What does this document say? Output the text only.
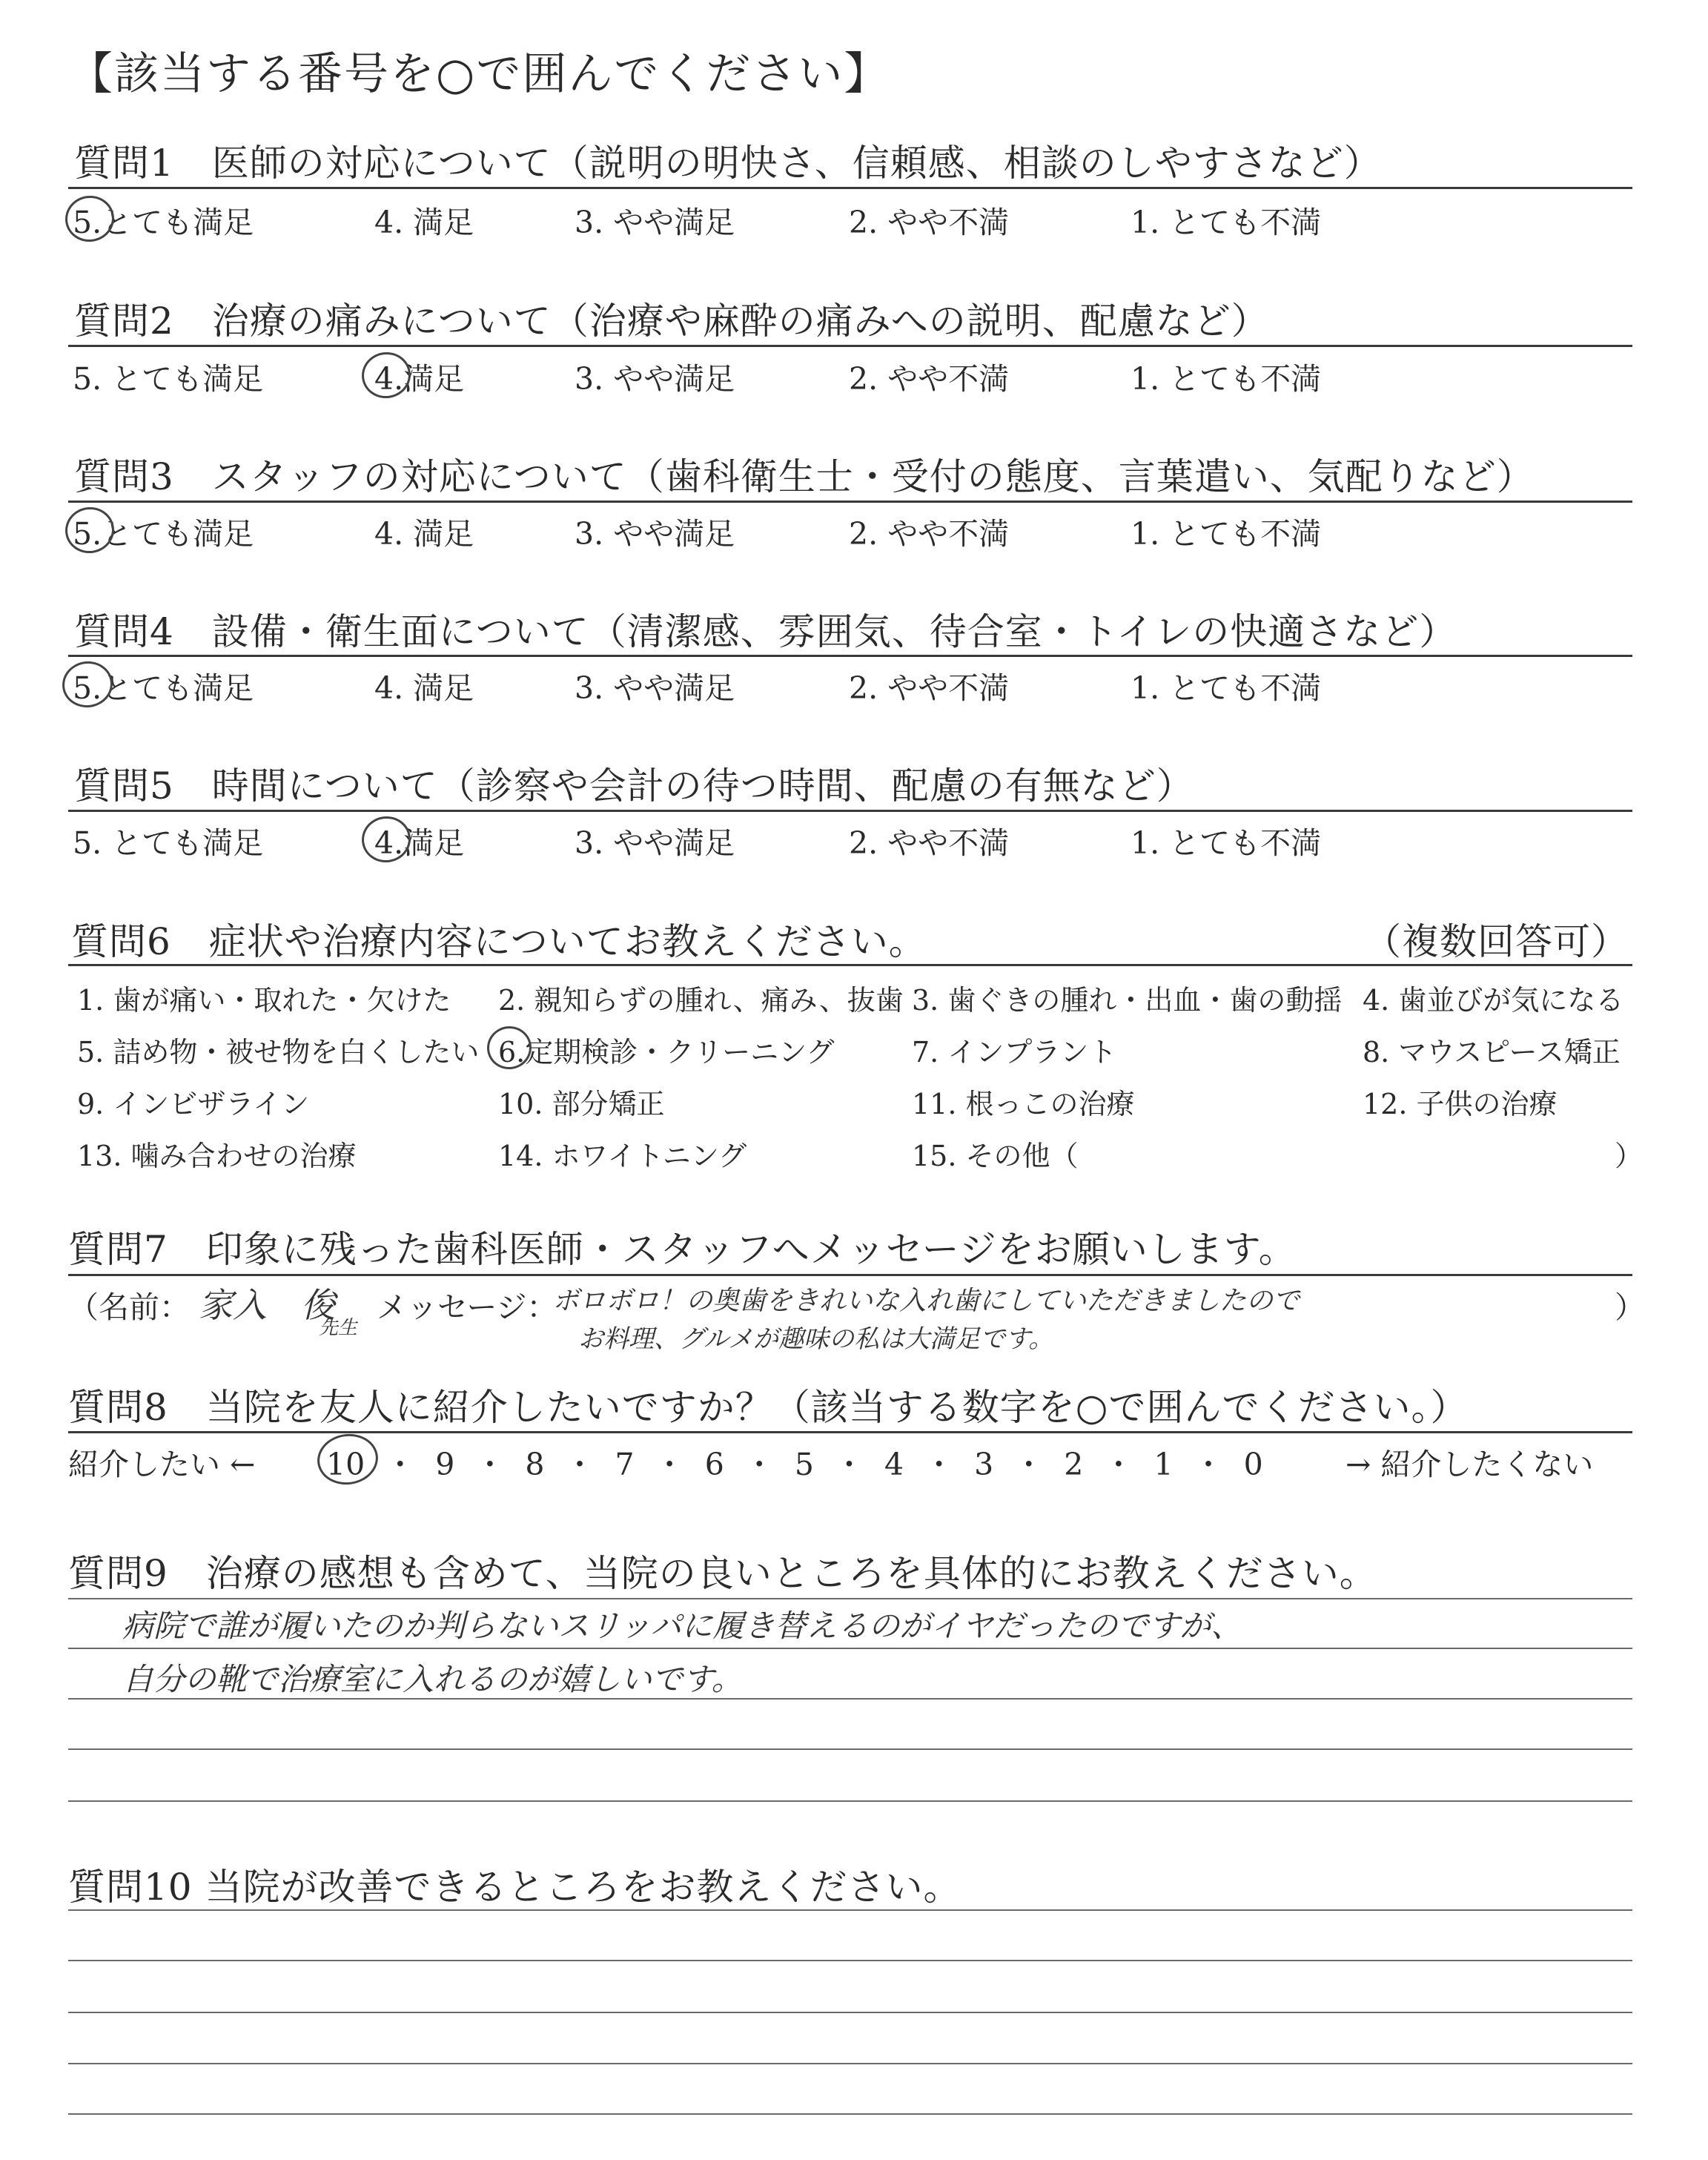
【該当する番号を○で囲んでください】
質問1　医師の対応について（説明の明快さ、信頼感、相談のしやすさなど）
5.とても満足	4. 満足	3. やや満足	2. やや不満	1. とても不満
質問2　治療の痛みについて（治療や麻酔の痛みへの説明、配慮など）
5. とても満足	4.満足	3. やや満足	2. やや不満	1. とても不満
質問3　スタッフの対応について（歯科衛生士・受付の態度、言葉遣い、気配りなど）
5.とても満足	4. 満足	3. やや満足	2. やや不満	1. とても不満
質問4　設備・衛生面について（清潔感、雰囲気、待合室・トイレの快適さなど）
5.とても満足	4. 満足	3. やや満足	2. やや不満	1. とても不満
質問5　時間について（診察や会計の待つ時間、配慮の有無など）
5. とても満足	4.満足	3. やや満足	2. やや不満	1. とても不満
質問6　症状や治療内容についてお教えください。	（複数回答可）
1. 歯が痛い・取れた・欠けた 2. 親知らずの腫れ、痛み、抜歯 3. 歯ぐきの腫れ・出血・歯の動揺 4. 歯並びが気になる
5. 詰め物・被せ物を白くしたい 6.定期検診・クリーニング	7. インプラント	8. マウスピース矯正
9. インビザライン	10. 部分矯正	11. 根っこの治療	12. 子供の治療
13. 噛み合わせの治療	14. ホワイトニング	15. その他（	）
質問7　印象に残った歯科医師・スタッフへメッセージをお願いします。
（名前： 家入　俊
先生
メッセージ：
ボロボロ！の奥歯をきれいな入れ歯にしていただきましたので
お料理、グルメが趣味の私は大満足です。
）
質問8　当院を友人に紹介したいですか？（該当する数字を○で囲んでください。）
紹介したい ← 10 ・ 9 ・ 8 ・ 7 ・ 6 ・ 5 ・ 4 ・ 3 ・ 2 ・ 1 ・ 0	→ 紹介したくない
質問9　治療の感想も含めて、当院の良いところを具体的にお教えください。
病院で誰が履いたのか判らないスリッパに履き替えるのがイヤだったのですが、
自分の靴で治療室に入れるのが嬉しいです。
質問10 当院が改善できるところをお教えください。
